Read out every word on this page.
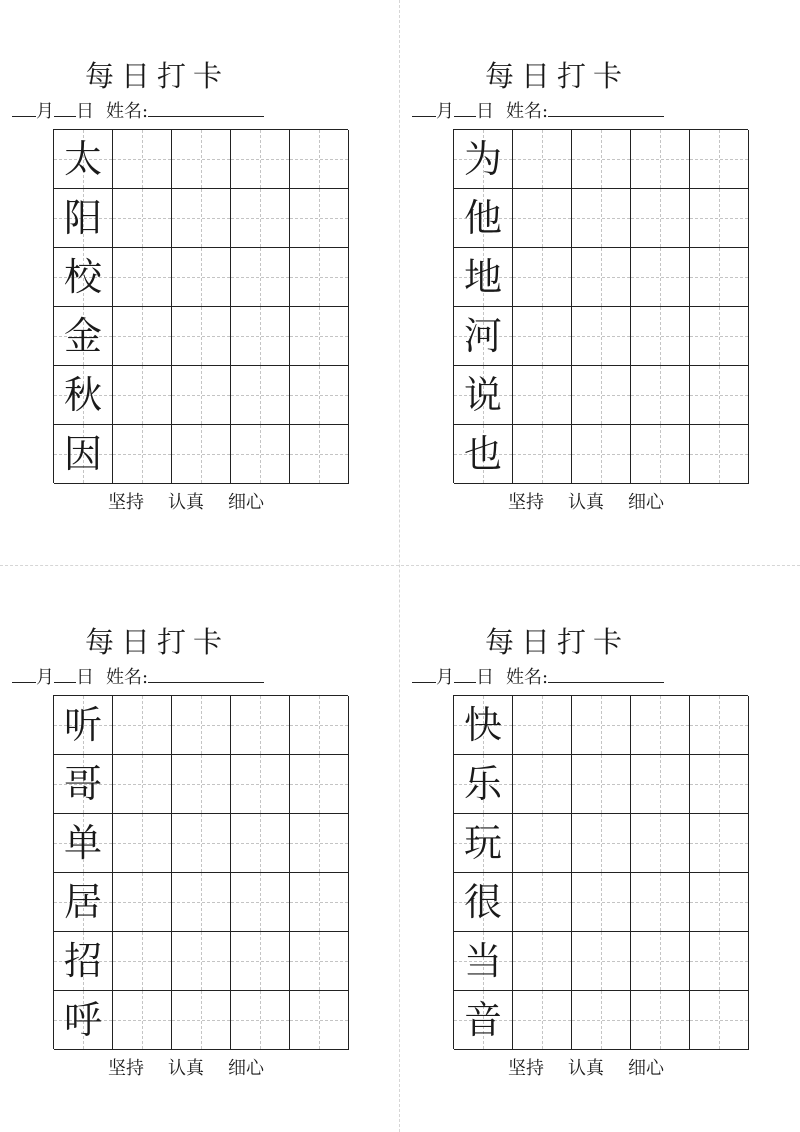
每日打卡
月 日 姓名:
太
阳
校
金
秋
因
坚持 认真 细心
每日打卡
月 日 姓名:
为
他
地
河
说
也
坚持 认真 细心
每日打卡
月 日 姓名:
听
哥
单
居
招
呼
坚持 认真 细心
每日打卡
月 日 姓名:
快
乐
玩
很
当
音
坚持 认真 细心
